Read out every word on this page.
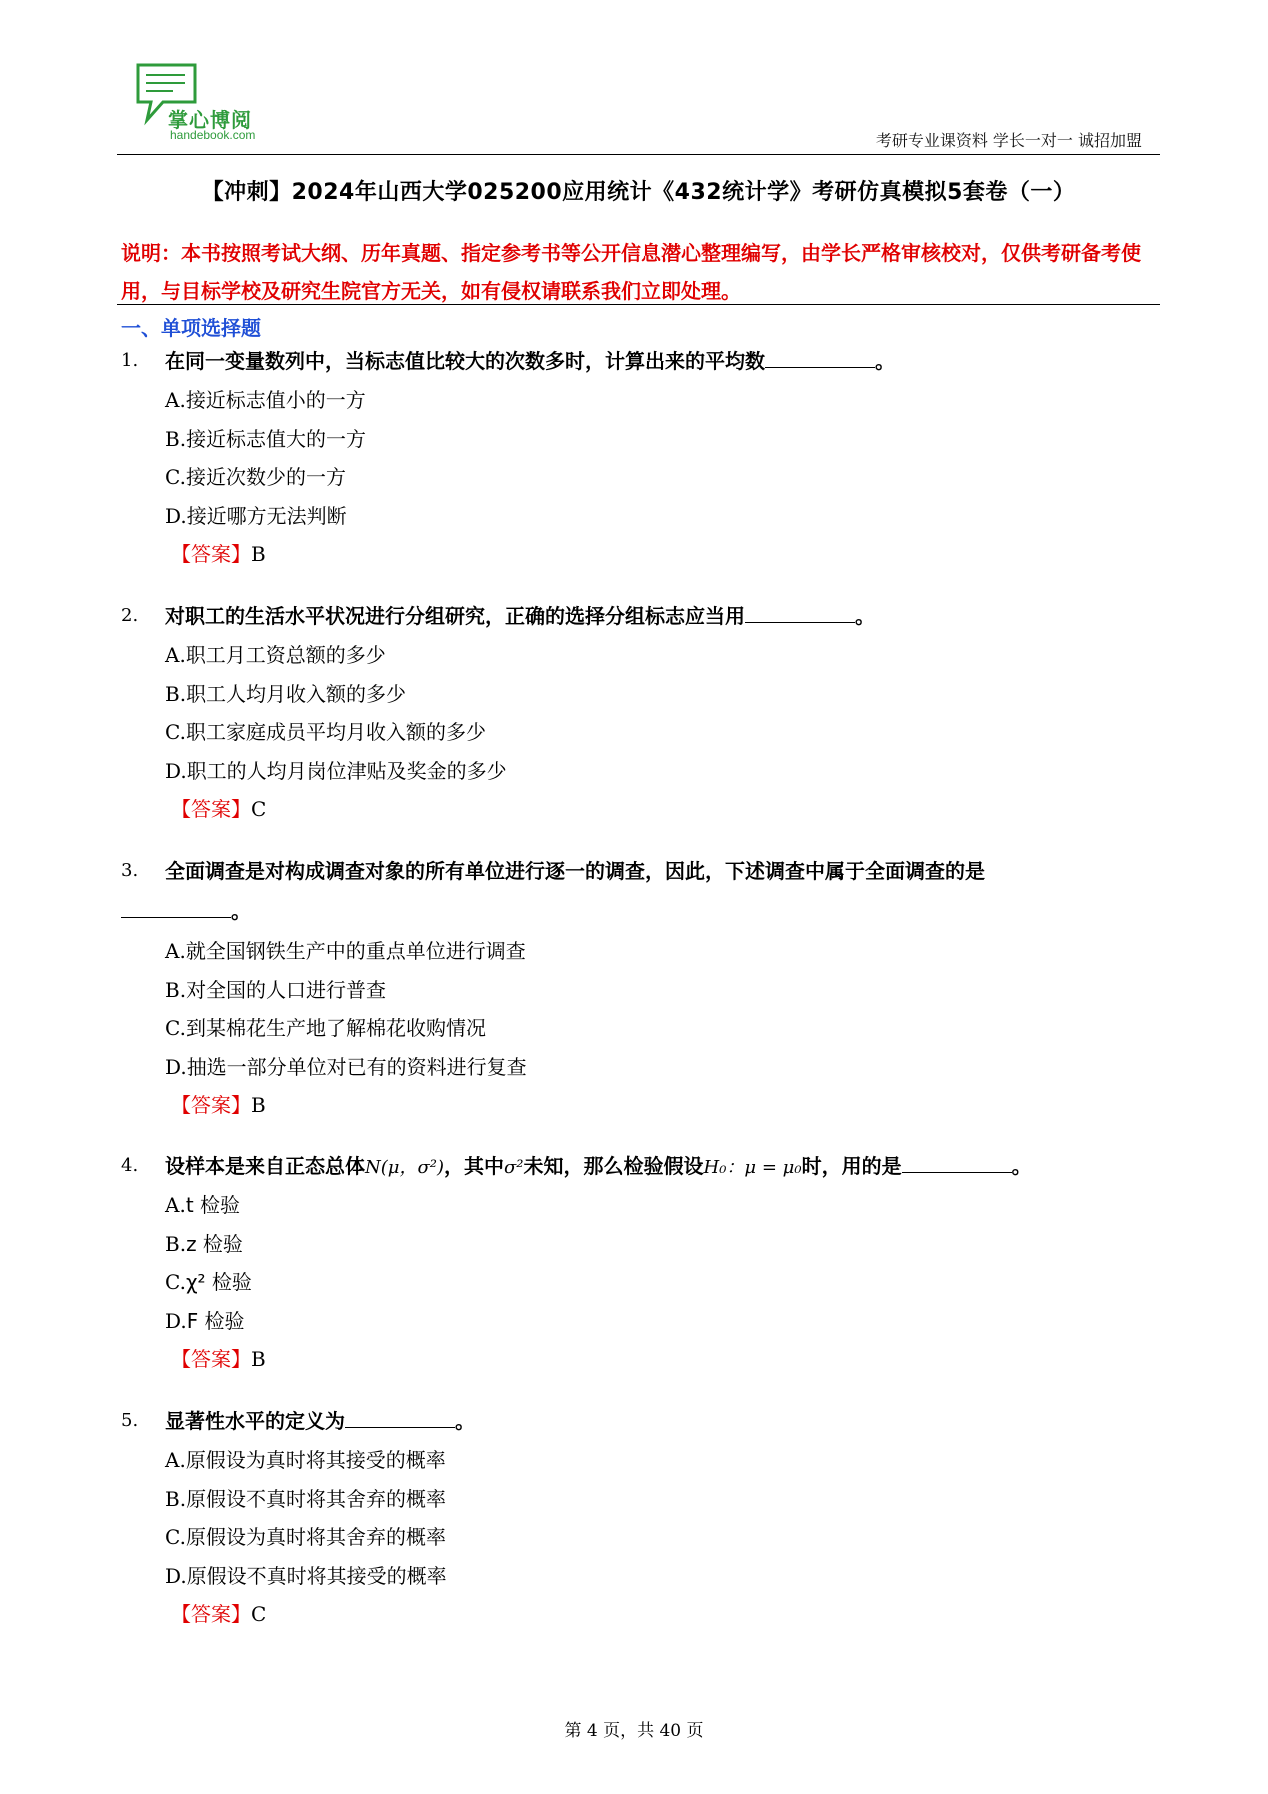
掌心博阅
handebook.com	考研专业课资料 学长一对一 诚招加盟
【冲刺】2024年山西大学025200应用统计《432统计学》考研仿真模拟5套卷（一）
说明：本书按照考试大纲、历年真题、指定参考书等公开信息潜心整理编写，由学长严格审核校对，仅供考研备考使用，与目标学校及研究生院官方无关，如有侵权请联系我们立即处理。
一、单项选择题
1. 在同一变量数列中，当标志值比较大的次数多时，计算出来的平均数	。
A.接近标志值小的一方
B.接近标志值大的一方
C.接近次数少的一方
D.接近哪方无法判断
【答案】B
2. 对职工的生活水平状况进行分组研究，正确的选择分组标志应当用	。
A.职工月工资总额的多少
B.职工人均月收入额的多少
C.职工家庭成员平均月收入额的多少
D.职工的人均月岗位津贴及奖金的多少
【答案】C
3. 全面调查是对构成调查对象的所有单位进行逐一的调查，因此，下述调查中属于全面调查的是
。
A.就全国钢铁生产中的重点单位进行调查
B.对全国的人口进行普查
C.到某棉花生产地了解棉花收购情况
D.抽选一部分单位对已有的资料进行复查
【答案】B
4. 设样本是来自正态总体N(μ，σ²)，其中σ²未知，那么检验假设H₀：μ = μ₀时，用的是	。
A.t 检验
B.z 检验
C.χ² 检验
D.F 检验
【答案】B
5. 显著性水平的定义为	。
A.原假设为真时将其接受的概率
B.原假设不真时将其舍弃的概率
C.原假设为真时将其舍弃的概率
D.原假设不真时将其接受的概率
【答案】C
第 4 页，共 40 页
